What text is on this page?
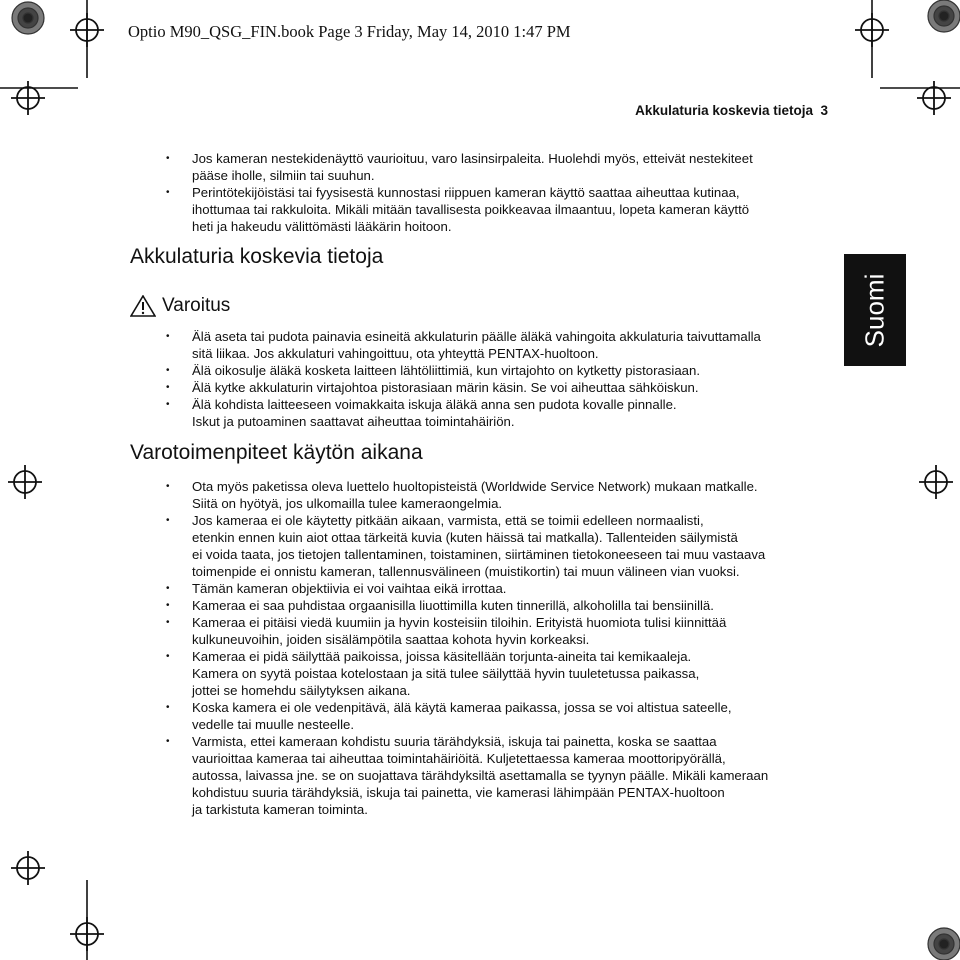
Optio M90_QSG_FIN.book Page 3 Friday, May 14, 2010 1:47 PM
Akkulaturia koskevia tietoja 3
Suomi
• Jos kameran nestekidenäyttö vaurioituu, varo lasinsirpaleita. Huolehdi myös, etteivät nestekiteet
pääse iholle, silmiin tai suuhun.
• Perintötekijöistäsi tai fyysisestä kunnostasi riippuen kameran käyttö saattaa aiheuttaa kutinaa,
ihottumaa tai rakkuloita. Mikäli mitään tavallisesta poikkeavaa ilmaantuu, lopeta kameran käyttö
heti ja hakeudu välittömästi lääkärin hoitoon.
Akkulaturia koskevia tietoja
Varoitus
• Älä aseta tai pudota painavia esineitä akkulaturin päälle äläkä vahingoita akkulaturia taivuttamalla
sitä liikaa. Jos akkulaturi vahingoittuu, ota yhteyttä PENTAX-huoltoon.
• Älä oikosulje äläkä kosketa laitteen lähtöliittimiä, kun virtajohto on kytketty pistorasiaan.
• Älä kytke akkulaturin virtajohtoa pistorasiaan märin käsin. Se voi aiheuttaa sähköiskun.
• Älä kohdista laitteeseen voimakkaita iskuja äläkä anna sen pudota kovalle pinnalle.
Iskut ja putoaminen saattavat aiheuttaa toimintahäiriön.
Varotoimenpiteet käytön aikana
• Ota myös paketissa oleva luettelo huoltopisteistä (Worldwide Service Network) mukaan matkalle.
Siitä on hyötyä, jos ulkomailla tulee kameraongelmia.
• Jos kameraa ei ole käytetty pitkään aikaan, varmista, että se toimii edelleen normaalisti,
etenkin ennen kuin aiot ottaa tärkeitä kuvia (kuten häissä tai matkalla). Tallenteiden säilymistä
ei voida taata, jos tietojen tallentaminen, toistaminen, siirtäminen tietokoneeseen tai muu vastaava
toimenpide ei onnistu kameran, tallennusvälineen (muistikortin) tai muun välineen vian vuoksi.
• Tämän kameran objektiivia ei voi vaihtaa eikä irrottaa.
• Kameraa ei saa puhdistaa orgaanisilla liuottimilla kuten tinnerillä, alkoholilla tai bensiinillä.
• Kameraa ei pitäisi viedä kuumiin ja hyvin kosteisiin tiloihin. Erityistä huomiota tulisi kiinnittää
kulkuneuvoihin, joiden sisälämpötila saattaa kohota hyvin korkeaksi.
• Kameraa ei pidä säilyttää paikoissa, joissa käsitellään torjunta-aineita tai kemikaaleja.
Kamera on syytä poistaa kotelostaan ja sitä tulee säilyttää hyvin tuuletetussa paikassa,
jottei se homehdu säilytyksen aikana.
• Koska kamera ei ole vedenpitävä, älä käytä kameraa paikassa, jossa se voi altistua sateelle,
vedelle tai muulle nesteelle.
• Varmista, ettei kameraan kohdistu suuria tärähdyksiä, iskuja tai painetta, koska se saattaa
vaurioittaa kameraa tai aiheuttaa toimintahäiriöitä. Kuljetettaessa kameraa moottoripyörällä,
autossa, laivassa jne. se on suojattava tärähdyksiltä asettamalla se tyynyn päälle. Mikäli kameraan
kohdistuu suuria tärähdyksiä, iskuja tai painetta, vie kamerasi lähimpään PENTAX-huoltoon
ja tarkistuta kameran toiminta.
